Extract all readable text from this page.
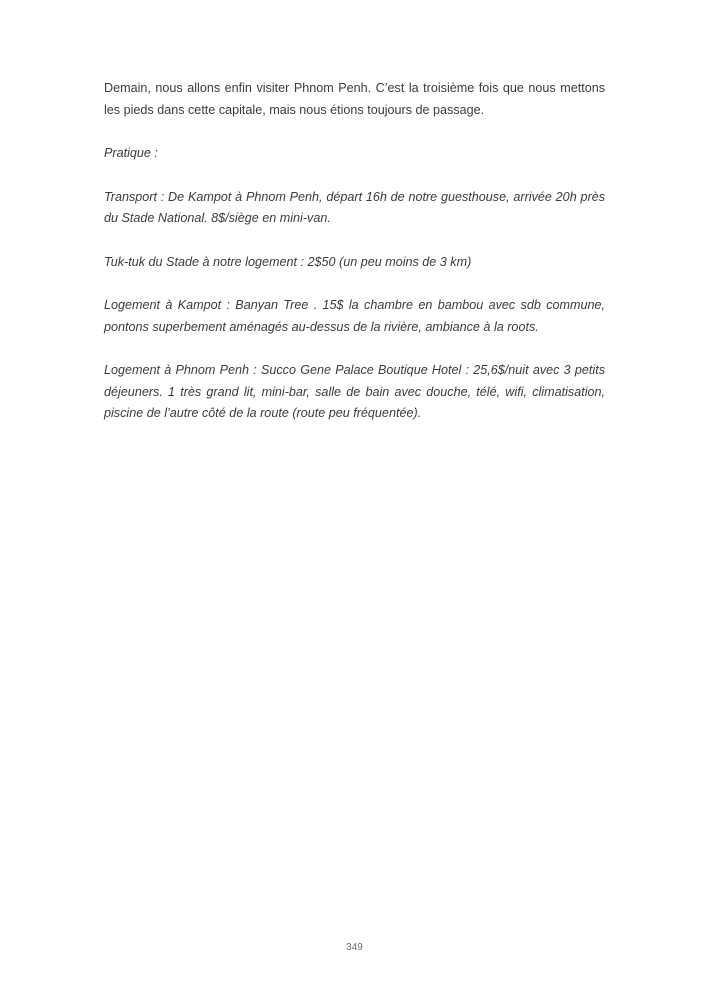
Demain, nous allons enfin visiter Phnom Penh. C’est la troisième fois que nous mettons les pieds dans cette capitale, mais nous étions toujours de passage.

Pratique :

Transport : De Kampot à Phnom Penh, départ 16h de notre guesthouse, arrivée 20h près du Stade National. 8$/siège en mini-van.

Tuk-tuk du Stade à notre logement : 2$50 (un peu moins de 3 km)

Logement à Kampot : Banyan Tree . 15$ la chambre en bambou avec sdb commune, pontons superbement aménagés au-dessus de la rivière, ambiance à la roots.

Logement à Phnom Penh : Succo Gene Palace Boutique Hotel : 25,6$/nuit avec 3 petits déjeuners. 1 très grand lit, mini-bar, salle de bain avec douche, télé, wifi, climatisation, piscine de l’autre côté de la route (route peu fréquentée).

349
